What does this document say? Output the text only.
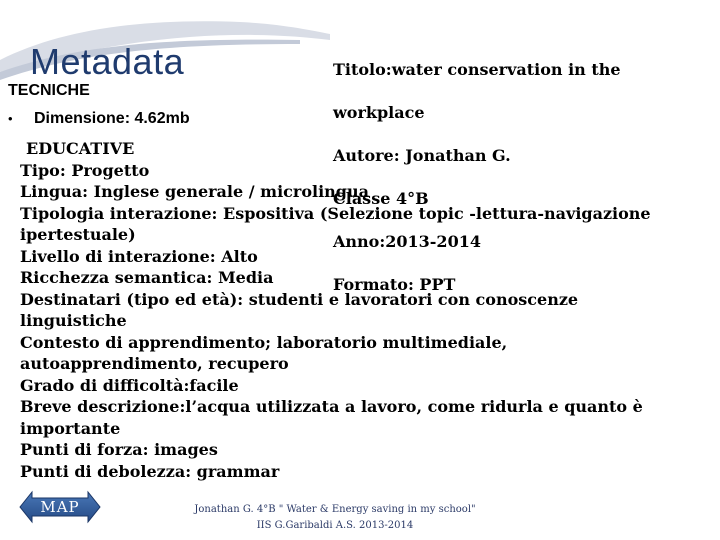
Metadata
TECNICHE
• Dimensione: 4.62mb

Titolo:water conservation in the

workplace

Autore: Jonathan G.

Classe 4°B

Anno:2013-2014

Formato: PPT

EDUCATIVE
Tipo: Progetto
Lingua: Inglese generale / microlingua
Tipologia interazione: Espositiva (Selezione topic -lettura-navigazione
ipertestuale)
Livello di interazione: Alto
Ricchezza semantica: Media
Destinatari (tipo ed età): studenti e lavoratori con conoscenze
linguistiche
Contesto di apprendimento; laboratorio multimediale,
autoapprendimento, recupero
Grado di difficoltà:facile
Breve descrizione:l’acqua utilizzata a lavoro, come ridurla e quanto è
importante
Punti di forza: images
Punti di debolezza: grammar
MAP	Jonathan G. 4°B " Water & Energy saving in my school"
IIS G.Garibaldi A.S. 2013-2014
